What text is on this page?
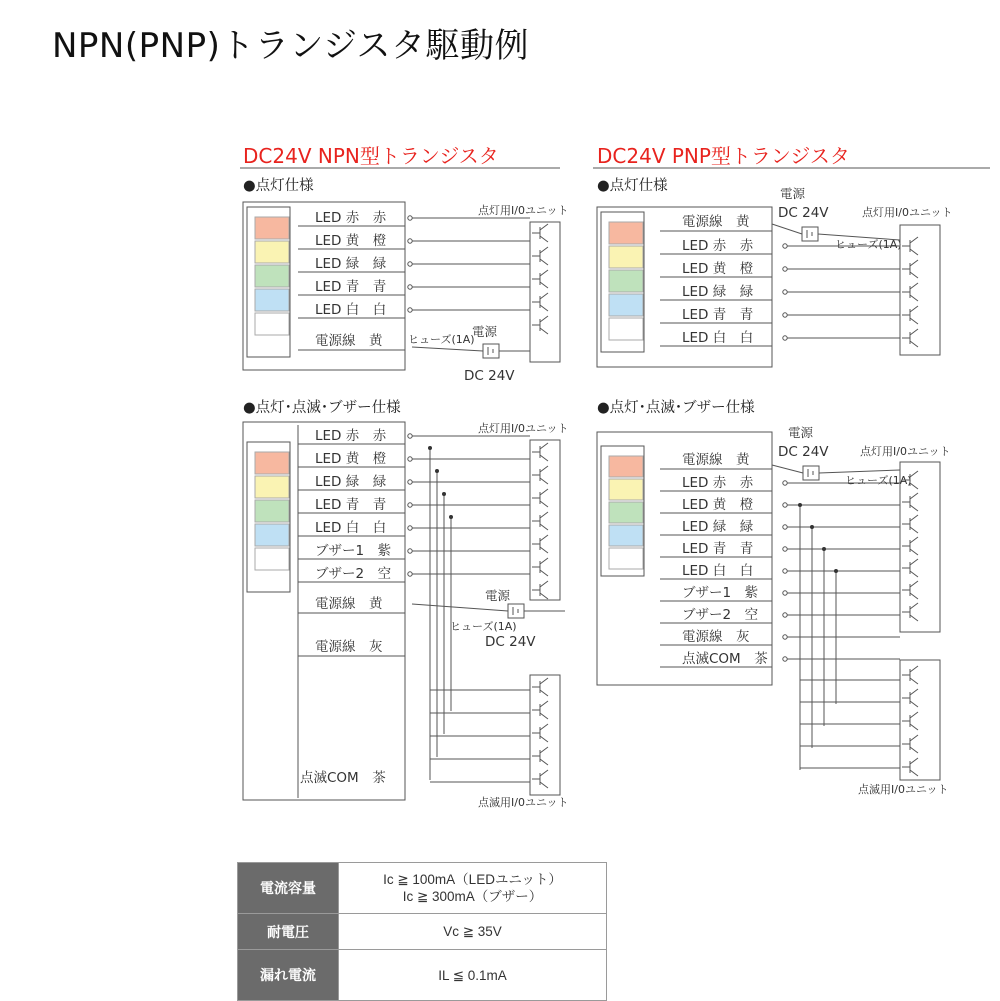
NPN(PNP)トランジスタ駆動例
DC24V NPN型トランジスタ
●点灯仕様
点灯用I/0ユニット
LED 赤　赤
LED 黄　橙
LED 緑　緑
LED 青　青
LED 白　白
電源線　黄 ヒューズ(1A)
電源
DC 24V
●点灯･点滅･ブザー仕様
点灯用I/0ユニット
LED 赤　赤
LED 黄　橙
LED 緑　緑
LED 青　青
LED 白　白
ブザー1　紫
ブザー2　空
電源線　黄
電源線　灰
点滅COM　茶
点滅用I/0ユニット
ヒューズ(1A)
電源
DC 24V
DC24V PNP型トランジスタ
●点灯仕様
電源線　黄
LED 赤　赤
LED 黄　橙
LED 緑　緑
LED 青　青
LED 白　白
電源
DC 24V
ヒューズ(1A)
点灯用I/0ユニット
●点灯･点滅･ブザー仕様
電源線　黄
LED 赤　赤
LED 黄　橙
LED 緑　緑
LED 青　青
LED 白　白
ブザー1　紫
ブザー2　空
電源線　灰
点滅COM　茶
電源
DC 24V
ヒューズ(1A)
点灯用I/0ユニット
点滅用I/0ユニット
電流容量	Ic ≧ 100mA（LEDユニット）
Ic ≧ 300mA（ブザー）

耐電圧	Vc ≧ 35V
漏れ電流	IL ≦ 0.1mA
